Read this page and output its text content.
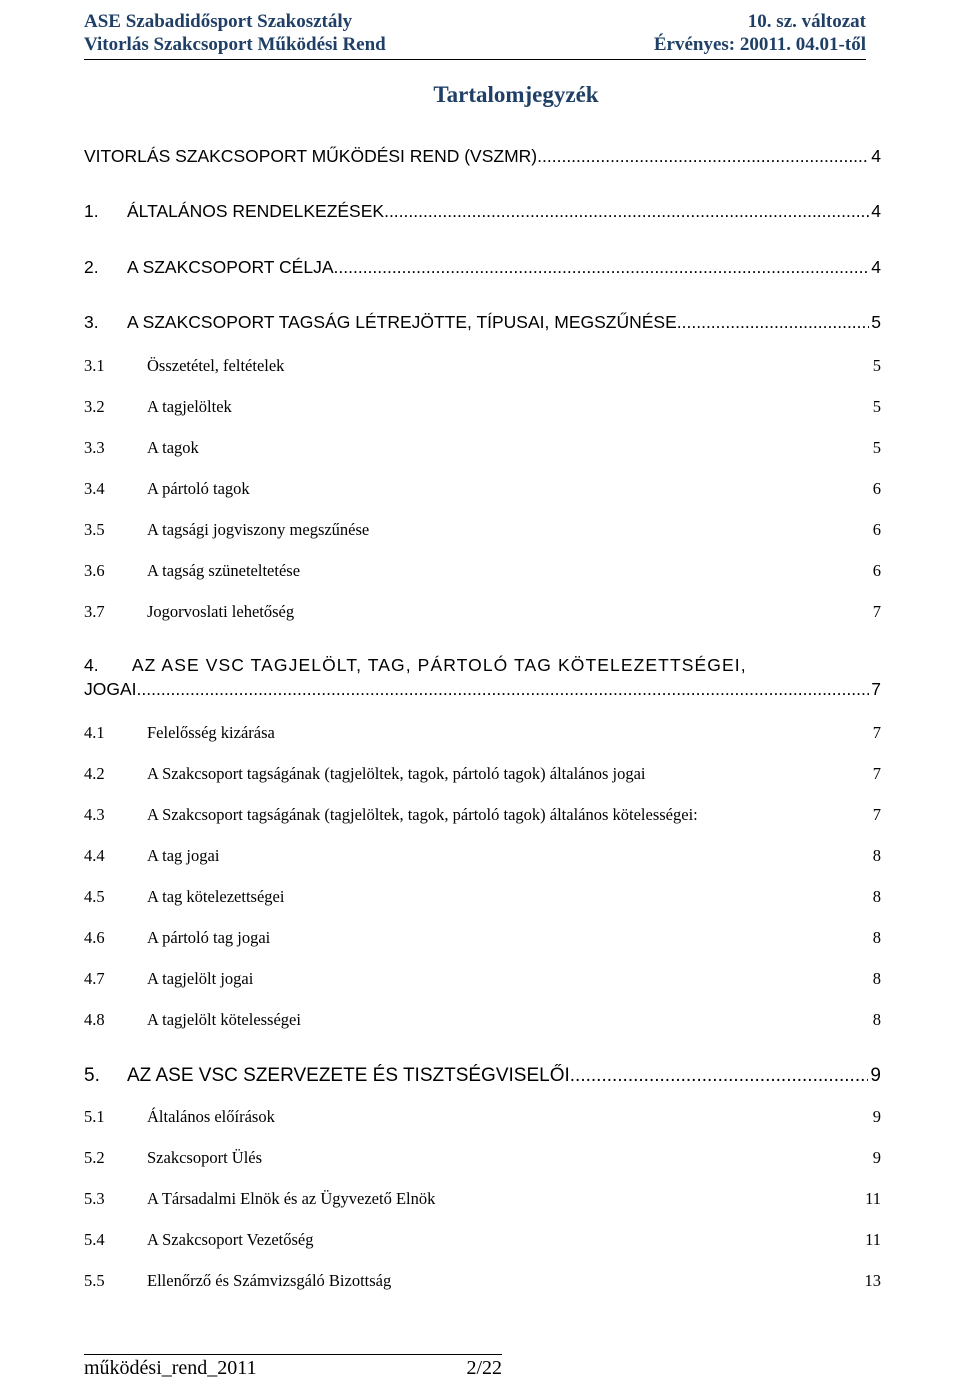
ASE Szabadidősport Szakosztály	10. sz. változat
Vitorlás Szakcsoport Működési Rend	Érvényes: 20011. 04.01-től
Tartalomjegyzék
VITORLÁS SZAKCSOPORT MŰKÖDÉSI REND (VSZMR) .....	4
1.	ÁLTALÁNOS RENDELKEZÉSEK .....	4
2.	A SZAKCSOPORT CÉLJA .....	4
3.	A SZAKCSOPORT TAGSÁG LÉTREJÖTTE, TÍPUSAI, MEGSZŰNÉSE .....	5
3.1	Összetétel, feltételek	5
3.2	A tagjelöltek	5
3.3	A tagok	5
3.4	A pártoló tagok	6
3.5	A tagsági jogviszony megszűnése	6
3.6	A tagság szüneteltetése	6
3.7	Jogorvoslati lehetőség	7
4. AZ ASE VSC TAGJELÖLT, TAG, PÁRTOLÓ TAG KÖTELEZETTSÉGEI,
JOGAI .....	7
4.1	Felelősség kizárása	7
4.2	A Szakcsoport tagságának (tagjelöltek, tagok, pártoló tagok) általános jogai	7
4.3	A Szakcsoport tagságának (tagjelöltek, tagok, pártoló tagok) általános kötelességei:	7
4.4	A tag jogai	8
4.5	A tag kötelezettségei	8
4.6	A pártoló tag jogai	8
4.7	A tagjelölt jogai	8
4.8	A tagjelölt kötelességei	8
5.	AZ ASE VSC SZERVEZETE ÉS TISZTSÉGVISELŐI .....	9
5.1	Általános előírások	9
5.2	Szakcsoport Ülés	9
5.3	A Társadalmi Elnök és az Ügyvezető Elnök	11
5.4	A Szakcsoport Vezetőség	11
5.5	Ellenőrző és Számvizsgáló Bizottság	13
működési_rend_2011	2/22
